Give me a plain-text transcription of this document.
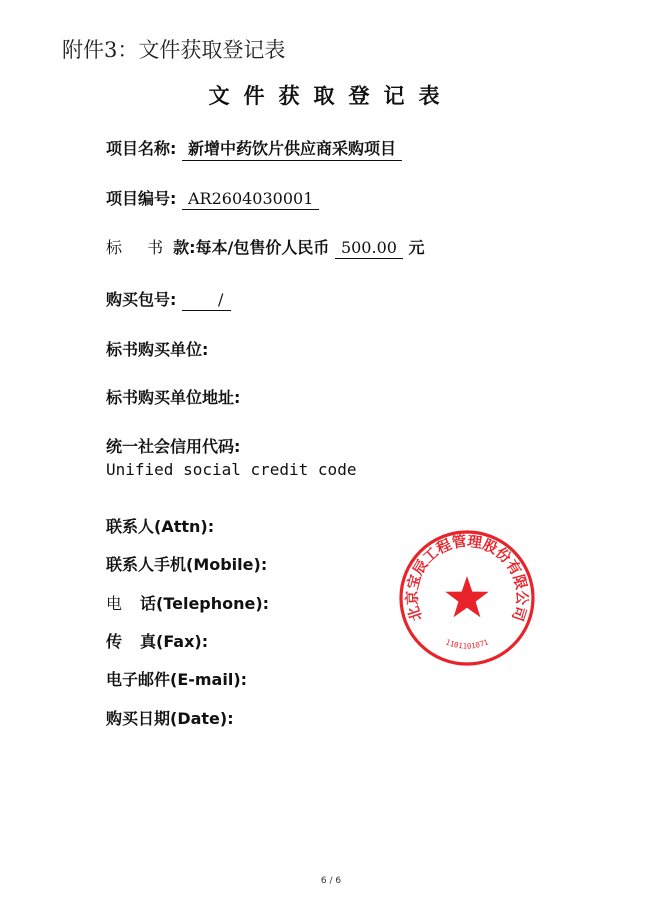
附件3：文件获取登记表
文件获取登记表
项目名称: 新增中药饮片供应商采购项目
项目编号: AR2604030001
标 书款:每本/包售价人民币 500.00 元
购买包号:	/
标书购买单位:
标书购买单位地址:
统一社会信用代码:
Unified social credit code
联系人(Attn):
联系人手机(Mobile):
电 话(Telephone):
传 真(Fax):
电子邮件(E-mail):
购买日期(Date):
北京宝辰工程管理股份有限公司
1101101071
6 / 6
